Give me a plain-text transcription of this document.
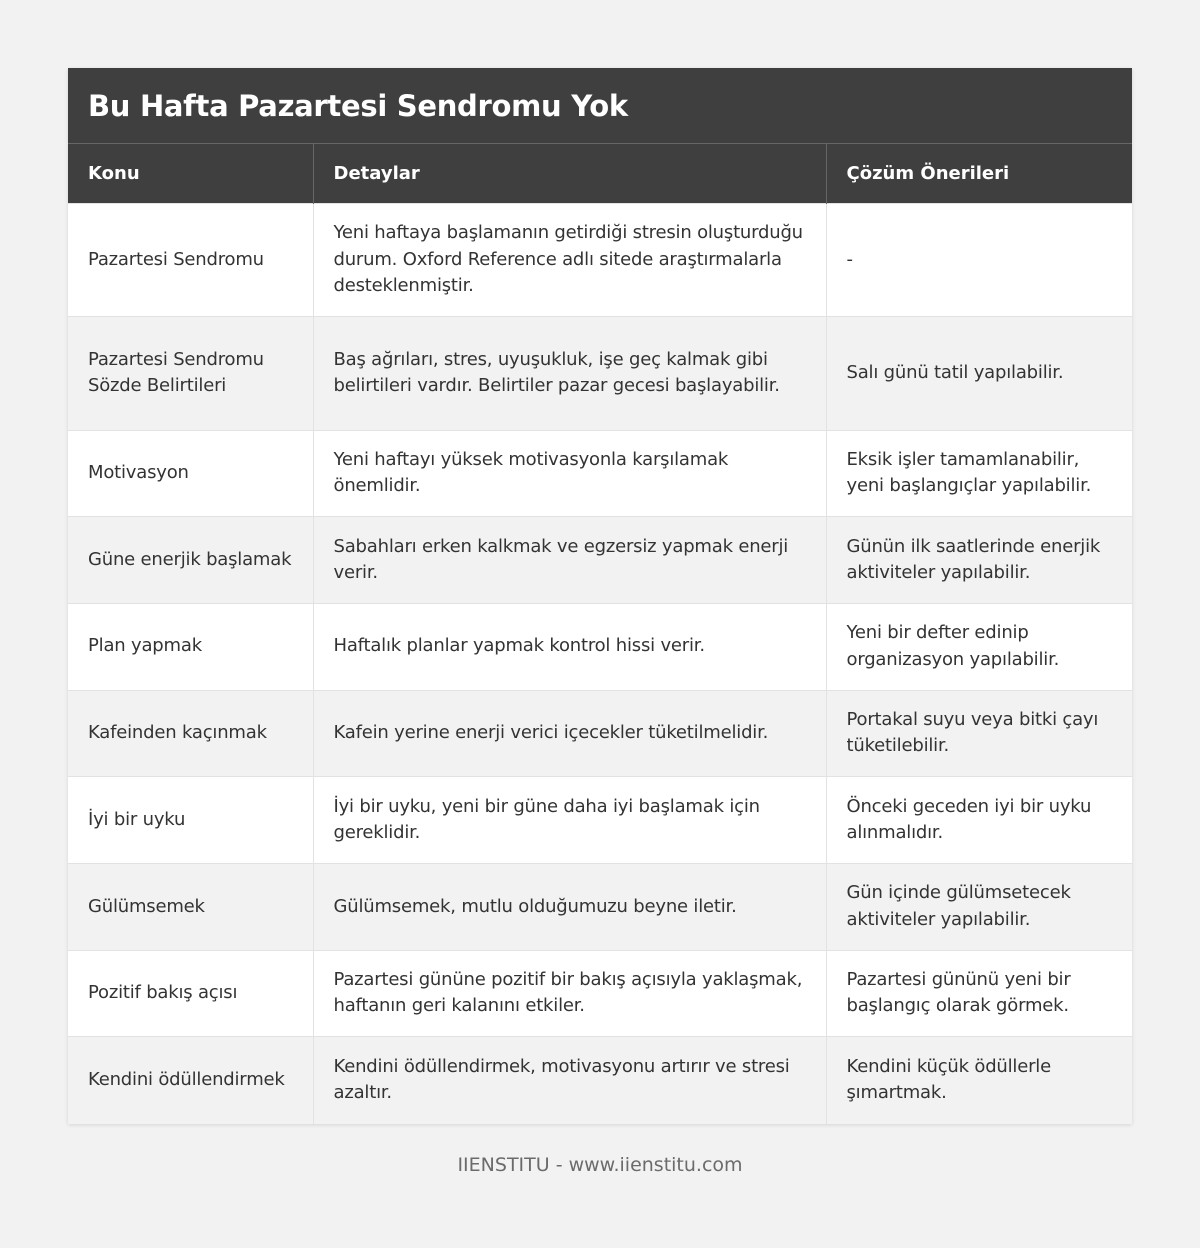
Bu Hafta Pazartesi Sendromu Yok
Konu	Detaylar	Çözüm Önerileri
Pazartesi Sendromu	Yeni haftaya başlamanın getirdiği stresin oluşturduğu durum. Oxford Reference adlı sitede araştırmalarla desteklenmiştir.	-
Pazartesi Sendromu Sözde Belirtileri	Baş ağrıları, stres, uyuşukluk, işe geç kalmak gibi belirtileri vardır. Belirtiler pazar gecesi başlayabilir.	Salı günü tatil yapılabilir.
Motivasyon	Yeni haftayı yüksek motivasyonla karşılamak önemlidir.	Eksik işler tamamlanabilir, yeni başlangıçlar yapılabilir.
Güne enerjik başlamak	Sabahları erken kalkmak ve egzersiz yapmak enerji verir.	Günün ilk saatlerinde enerjik aktiviteler yapılabilir.
Plan yapmak	Haftalık planlar yapmak kontrol hissi verir.	Yeni bir defter edinip organizasyon yapılabilir.
Kafeinden kaçınmak	Kafein yerine enerji verici içecekler tüketilmelidir.	Portakal suyu veya bitki çayı tüketilebilir.
İyi bir uyku	İyi bir uyku, yeni bir güne daha iyi başlamak için gereklidir.	Önceki geceden iyi bir uyku alınmalıdır.
Gülümsemek	Gülümsemek, mutlu olduğumuzu beyne iletir.	Gün içinde gülümsetecek aktiviteler yapılabilir.
Pozitif bakış açısı	Pazartesi gününe pozitif bir bakış açısıyla yaklaşmak, haftanın geri kalanını etkiler.	Pazartesi gününü yeni bir başlangıç olarak görmek.
Kendini ödüllendirmek	Kendini ödüllendirmek, motivasyonu artırır ve stresi azaltır.	Kendini küçük ödüllerle şımartmak.
IIENSTITU - www.iienstitu.com
